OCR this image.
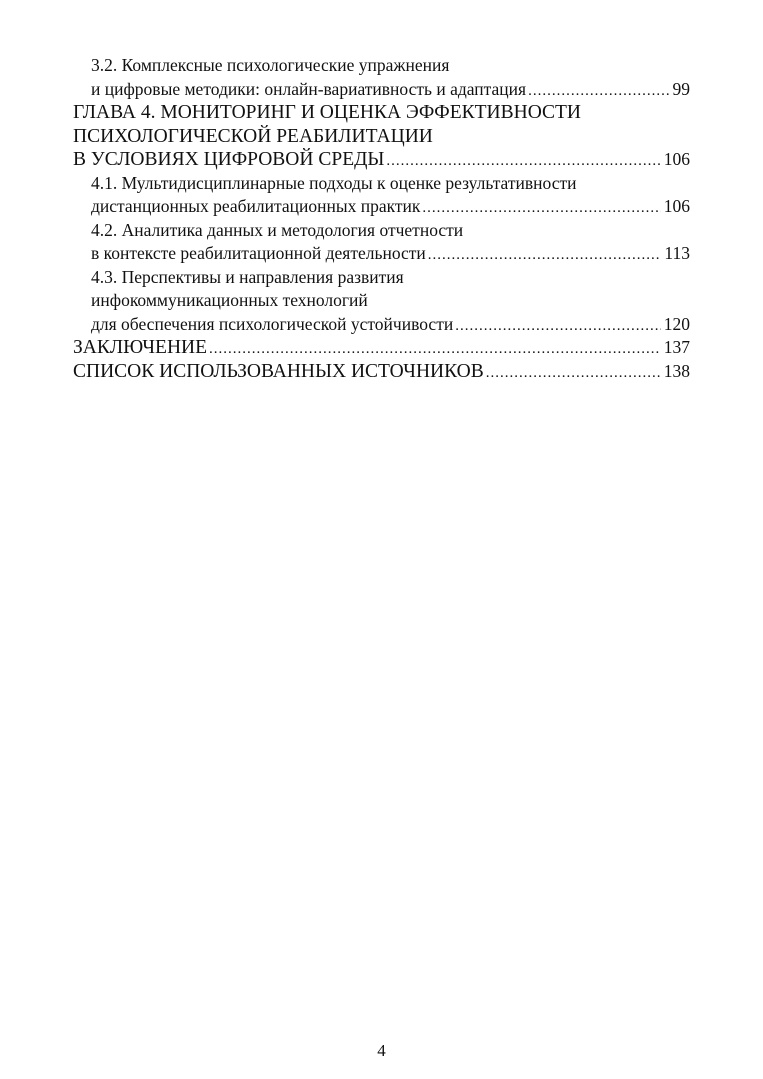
3.2. Комплексные психологические упражнения
и цифровые методики: онлайн-вариативность и адаптация .....	99
ГЛАВА 4. МОНИТОРИНГ И ОЦЕНКА ЭФФЕКТИВНОСТИ
ПСИХОЛОГИЧЕСКОЙ РЕАБИЛИТАЦИИ
В УСЛОВИЯХ ЦИФРОВОЙ СРЕДЫ .....	106
4.1. Мультидисциплинарные подходы к оценке результативности
дистанционных реабилитационных практик .....	106
4.2. Аналитика данных и методология отчетности
в контексте реабилитационной деятельности .....	113
4.3. Перспективы и направления развития
инфокоммуникационных технологий
для обеспечения психологической устойчивости .....	120
ЗАКЛЮЧЕНИЕ .....	137
СПИСОК ИСПОЛЬЗОВАННЫХ ИСТОЧНИКОВ .....	138
4
